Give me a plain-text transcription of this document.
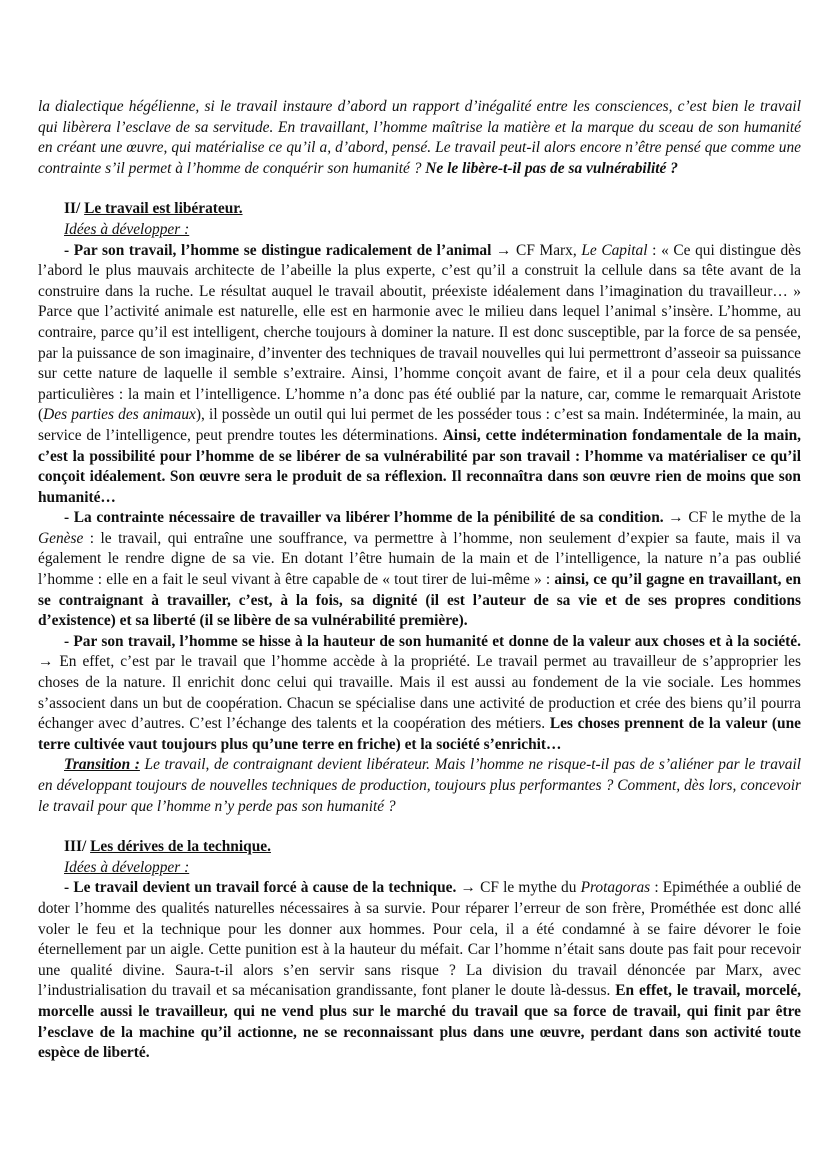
la dialectique hégélienne, si le travail instaure d’abord un rapport d’inégalité entre les consciences, c’est bien le travail qui libèrera l’esclave de sa servitude. En travaillant, l’homme maîtrise la matière et la marque du sceau de son humanité en créant une œuvre, qui matérialise ce qu’il a, d’abord, pensé. Le travail peut-il alors encore n’être pensé que comme une contrainte s’il permet à l’homme de conquérir son humanité ? Ne le libère-t-il pas de sa vulnérabilité ?

II/ Le travail est libérateur.
Idées à développer :

- Par son travail, l’homme se distingue radicalement de l’animal → CF Marx, Le Capital : « Ce qui distingue dès l’abord le plus mauvais architecte de l’abeille la plus experte, c’est qu’il a construit la cellule dans sa tête avant de la construire dans la ruche. Le résultat auquel le travail aboutit, préexiste idéalement dans l’imagination du travailleur… » Parce que l’activité animale est naturelle, elle est en harmonie avec le milieu dans lequel l’animal s’insère. L’homme, au contraire, parce qu’il est intelligent, cherche toujours à dominer la nature. Il est donc susceptible, par la force de sa pensée, par la puissance de son imaginaire, d’inventer des techniques de travail nouvelles qui lui permettront d’asseoir sa puissance sur cette nature de laquelle il semble s’extraire. Ainsi, l’homme conçoit avant de faire, et il a pour cela deux qualités particulières : la main et l’intelligence. L’homme n’a donc pas été oublié par la nature, car, comme le remarquait Aristote (Des parties des animaux), il possède un outil qui lui permet de les posséder tous : c’est sa main. Indéterminée, la main, au service de l’intelligence, peut prendre toutes les déterminations. Ainsi, cette indétermination fondamentale de la main, c’est la possibilité pour l’homme de se libérer de sa vulnérabilité par son travail : l’homme va matérialiser ce qu’il conçoit idéalement. Son œuvre sera le produit de sa réflexion. Il reconnaîtra dans son œuvre rien de moins que son humanité…

- La contrainte nécessaire de travailler va libérer l’homme de la pénibilité de sa condition. → CF le mythe de la Genèse : le travail, qui entraîne une souffrance, va permettre à l’homme, non seulement d’expier sa faute, mais il va également le rendre digne de sa vie. En dotant l’être humain de la main et de l’intelligence, la nature n’a pas oublié l’homme : elle en a fait le seul vivant à être capable de « tout tirer de lui-même » : ainsi, ce qu’il gagne en travaillant, en se contraignant à travailler, c’est, à la fois, sa dignité (il est l’auteur de sa vie et de ses propres conditions d’existence) et sa liberté (il se libère de sa vulnérabilité première).

- Par son travail, l’homme se hisse à la hauteur de son humanité et donne de la valeur aux choses et à la société. → En effet, c’est par le travail que l’homme accède à la propriété. Le travail permet au travailleur de s’approprier les choses de la nature. Il enrichit donc celui qui travaille. Mais il est aussi au fondement de la vie sociale. Les hommes s’associent dans un but de coopération. Chacun se spécialise dans une activité de production et crée des biens qu’il pourra échanger avec d’autres. C’est l’échange des talents et la coopération des métiers. Les choses prennent de la valeur (une terre cultivée vaut toujours plus qu’une terre en friche) et la société s’enrichit…

Transition : Le travail, de contraignant devient libérateur. Mais l’homme ne risque-t-il pas de s’aliéner par le travail en développant toujours de nouvelles techniques de production, toujours plus performantes ? Comment, dès lors, concevoir le travail pour que l’homme n’y perde pas son humanité ?

III/ Les dérives de la technique.
Idées à développer :

- Le travail devient un travail forcé à cause de la technique. → CF le mythe du Protagoras : Epiméthée a oublié de doter l’homme des qualités naturelles nécessaires à sa survie. Pour réparer l’erreur de son frère, Prométhée est donc allé voler le feu et la technique pour les donner aux hommes. Pour cela, il a été condamné à se faire dévorer le foie éternellement par un aigle. Cette punition est à la hauteur du méfait. Car l’homme n’était sans doute pas fait pour recevoir une qualité divine. Saura-t-il alors s’en servir sans risque ? La division du travail dénoncée par Marx, avec l’industrialisation du travail et sa mécanisation grandissante, font planer le doute là-dessus. En effet, le travail, morcelé, morcelle aussi le travailleur, qui ne vend plus sur le marché du travail que sa force de travail, qui finit par être l’esclave de la machine qu’il actionne, ne se reconnaissant plus dans une œuvre, perdant dans son activité toute espèce de liberté.
